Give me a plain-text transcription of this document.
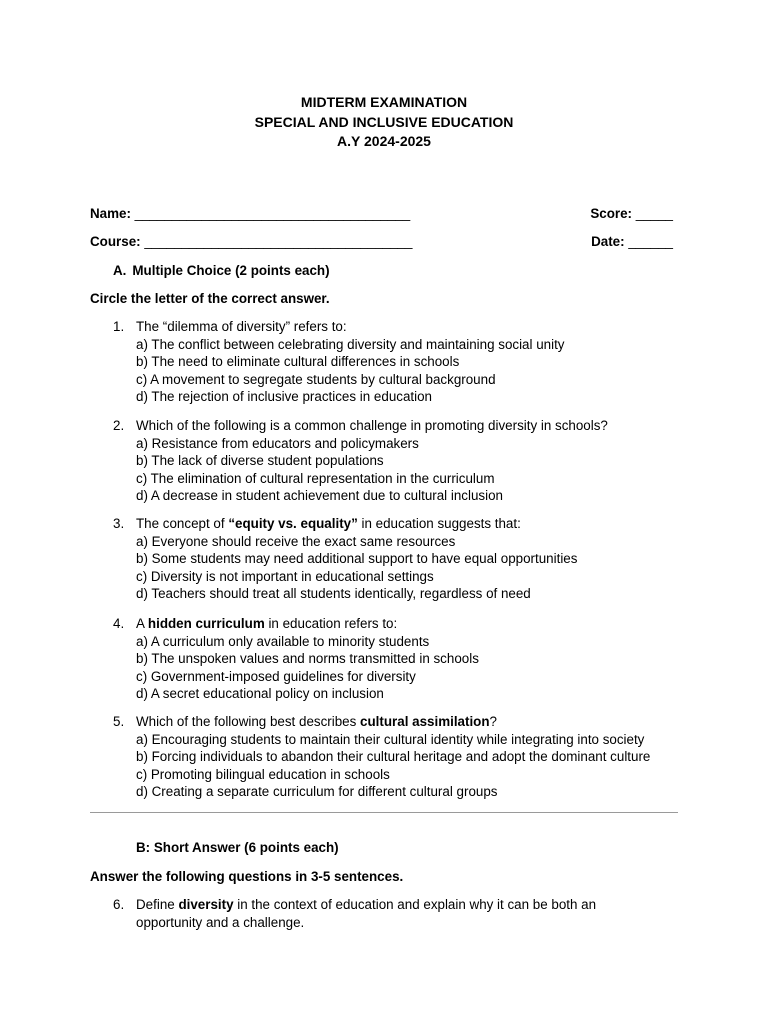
MIDTERM EXAMINATION
SPECIAL AND INCLUSIVE EDUCATION
A.Y 2024-2025
Name: _____________________________________	Score: _____
Course: ____________________________________	Date: ______
A. Multiple Choice (2 points each)
Circle the letter of the correct answer.
1. The “dilemma of diversity” refers to:
a) The conflict between celebrating diversity and maintaining social unity
b) The need to eliminate cultural differences in schools
c) A movement to segregate students by cultural background
d) The rejection of inclusive practices in education
2. Which of the following is a common challenge in promoting diversity in schools?
a) Resistance from educators and policymakers
b) The lack of diverse student populations
c) The elimination of cultural representation in the curriculum
d) A decrease in student achievement due to cultural inclusion
3. The concept of “equity vs. equality” in education suggests that:
a) Everyone should receive the exact same resources
b) Some students may need additional support to have equal opportunities
c) Diversity is not important in educational settings
d) Teachers should treat all students identically, regardless of need
4. A hidden curriculum in education refers to:
a) A curriculum only available to minority students
b) The unspoken values and norms transmitted in schools
c) Government-imposed guidelines for diversity
d) A secret educational policy on inclusion
5. Which of the following best describes cultural assimilation?
a) Encouraging students to maintain their cultural identity while integrating into society
b) Forcing individuals to abandon their cultural heritage and adopt the dominant culture
c) Promoting bilingual education in schools
d) Creating a separate curriculum for different cultural groups
B: Short Answer (6 points each)
Answer the following questions in 3-5 sentences.
6. Define diversity in the context of education and explain why it can be both an opportunity and a challenge.
